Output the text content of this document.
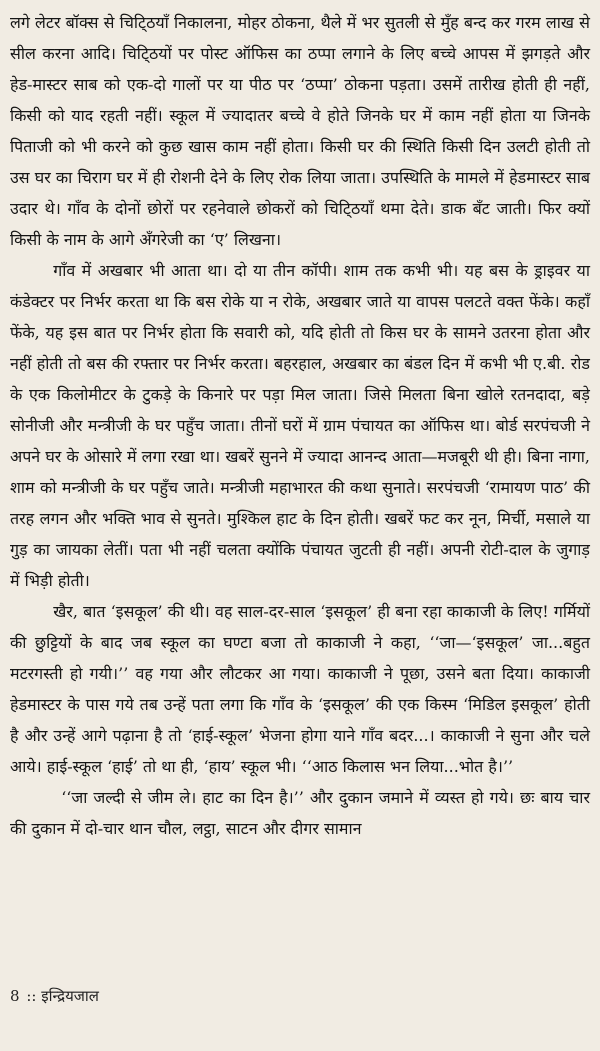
लगे लेटर बॉक्स से चिटि्ठयाँ निकालना, मोहर ठोकना, थैले में भर सुतली से मुँह बन्द कर गरम लाख से सील करना आदि। चिटि्ठयों पर पोस्ट ऑफिस का ठप्पा लगाने के लिए बच्चे आपस में झगड़ते और हेड-मास्टर साब को एक-दो गालों पर या पीठ पर ‘ठप्पा’ ठोकना पड़ता। उसमें तारीख होती ही नहीं, किसी को याद रहती नहीं। स्कूल में ज्यादातर बच्चे वे होते जिनके घर में काम नहीं होता या जिनके पिताजी को भी करने को कुछ खास काम नहीं होता। किसी घर की स्थिति किसी दिन उलटी होती तो उस घर का चिराग घर में ही रोशनी देने के लिए रोक लिया जाता। उपस्थिति के मामले में हेडमास्टर साब उदार थे। गाँव के दोनों छोरों पर रहनेवाले छोकरों को चिटि्ठयाँ थमा देते। डाक बँट जाती। फिर क्यों किसी के नाम के आगे अँगरेजी का ‘ए’ लिखना।

गाँव में अखबार भी आता था। दो या तीन कॉपी। शाम तक कभी भी। यह बस के ड्राइवर या कंडेक्टर पर निर्भर करता था कि बस रोके या न रोके, अखबार जाते या वापस पलटते वक्त फेंके। कहाँ फेंके, यह इस बात पर निर्भर होता कि सवारी को, यदि होती तो किस घर के सामने उतरना होता और नहीं होती तो बस की रफ्तार पर निर्भर करता। बहरहाल, अखबार का बंडल दिन में कभी भी ए.बी. रोड के एक किलोमीटर के टुकड़े के किनारे पर पड़ा मिल जाता। जिसे मिलता बिना खोले रतनदादा, बड़े सोनीजी और मन्त्रीजी के घर पहुँच जाता। तीनों घरों में ग्राम पंचायत का ऑफिस था। बोर्ड सरपंचजी ने अपने घर के ओसारे में लगा रखा था। खबरें सुनने में ज्यादा आनन्द आता—मजबूरी थी ही। बिना नागा, शाम को मन्त्रीजी के घर पहुँच जाते। मन्त्रीजी महाभारत की कथा सुनाते। सरपंचजी ‘रामायण पाठ’ की तरह लगन और भक्ति भाव से सुनते। मुश्किल हाट के दिन होती। खबरें फट कर नून, मिर्ची, मसाले या गुड़ का जायका लेतीं। पता भी नहीं चलता क्योंकि पंचायत जुटती ही नहीं। अपनी रोटी-दाल के जुगाड़ में भिड़ी होती।

खैर, बात ‘इसकूल’ की थी। वह साल-दर-साल ‘इसकूल’ ही बना रहा काकाजी के लिए! गर्मियों की छुट्टियों के बाद जब स्कूल का घण्टा बजा तो काकाजी ने कहा, ‘‘जा—‘इसकूल’ जा...बहुत मटरगस्ती हो गयी।’’ वह गया और लौटकर आ गया। काकाजी ने पूछा, उसने बता दिया। काकाजी हेडमास्टर के पास गये तब उन्हें पता लगा कि गाँव के ‘इसकूल’ की एक किस्म ‘मिडिल इसकूल’ होती है और उन्हें आगे पढ़ाना है तो ‘हाई-स्कूल’ भेजना होगा याने गाँव बदर...। काकाजी ने सुना और चले आये। हाई-स्कूल ‘हाई’ तो था ही, ‘हाय’ स्कूल भी। ‘‘आठ किलास भन लिया...भोत है।’’

‘‘जा जल्दी से जीम ले। हाट का दिन है।’’ और दुकान जमाने में व्यस्त हो गये। छः बाय चार की दुकान में दो-चार थान चौल, लट्ठा, साटन और दीगर सामान

8 :: इन्द्रियजाल
